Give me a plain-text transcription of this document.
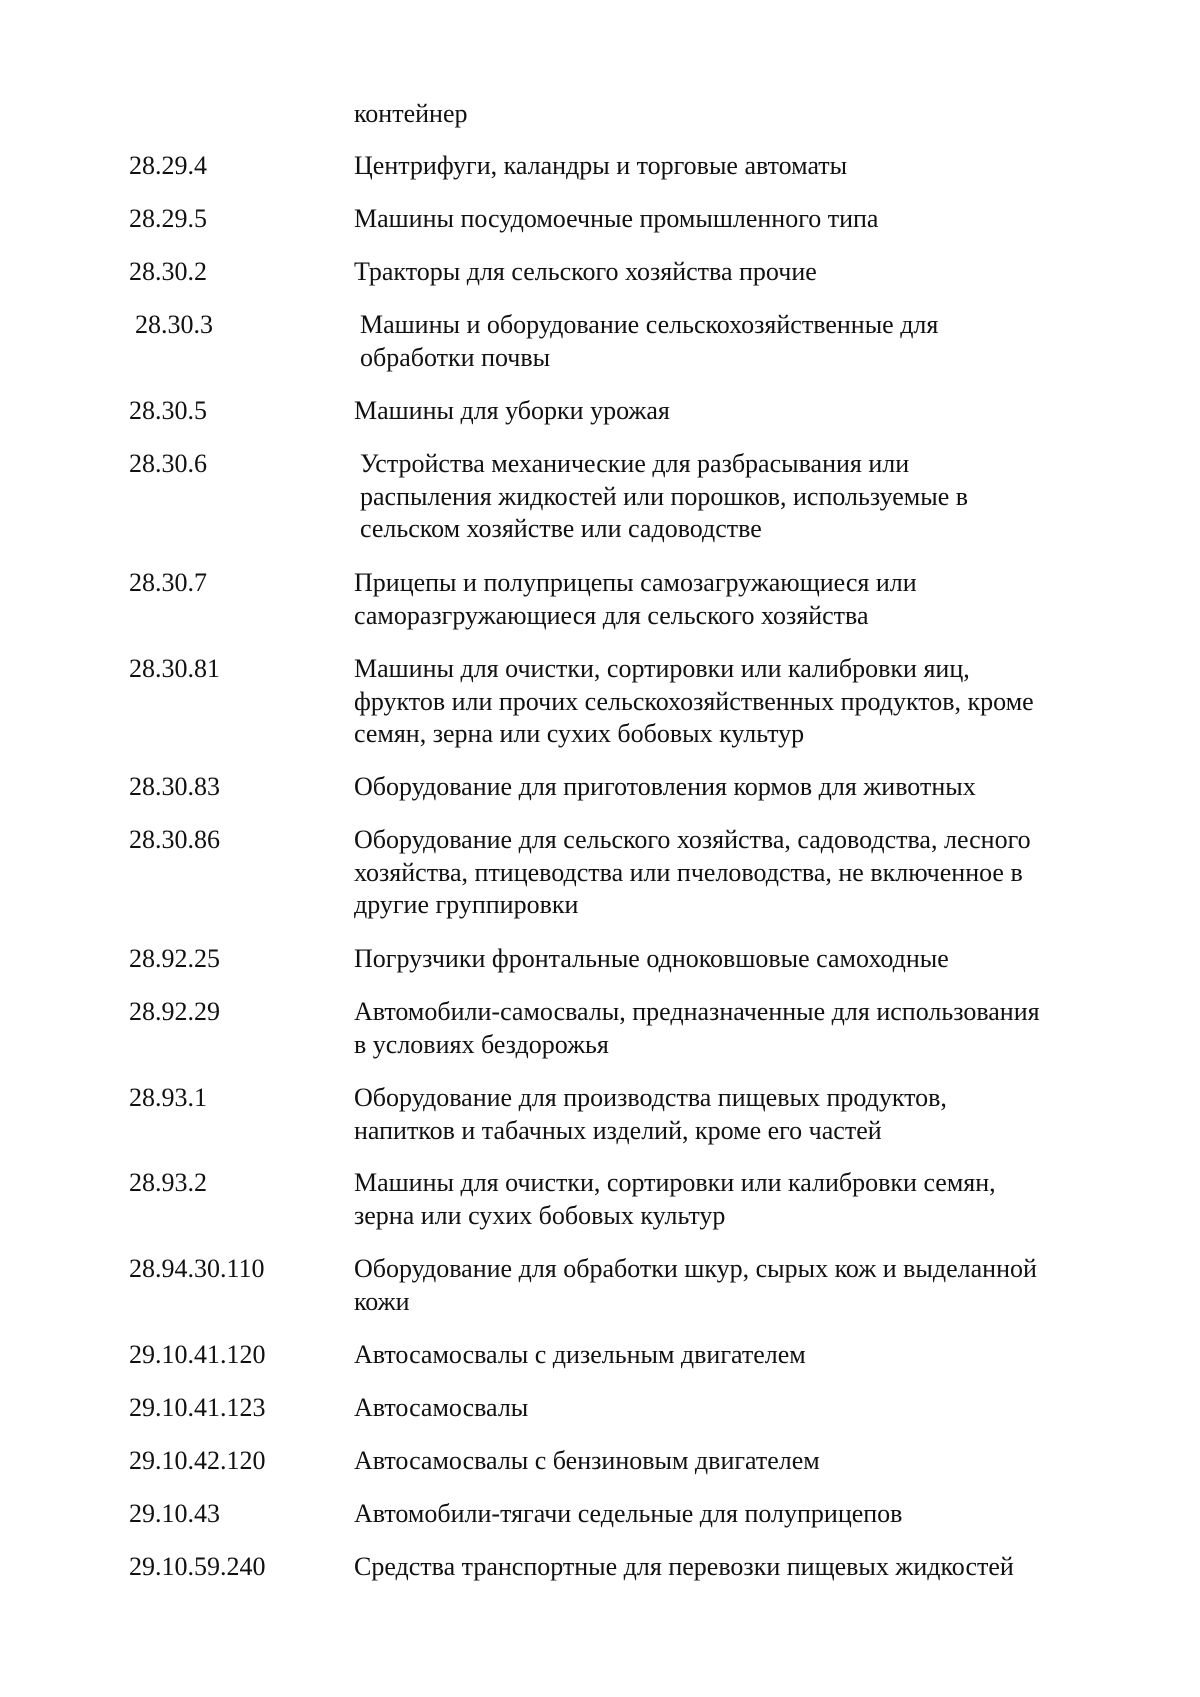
контейнер
28.29.4	Центрифуги, каландры и торговые автоматы
28.29.5	Машины посудомоечные промышленного типа
28.30.2	Тракторы для сельского хозяйства прочие
28.30.3	Машины и оборудование сельскохозяйственные для
обработки почвы
28.30.5	Машины для уборки урожая
28.30.6	Устройства механические для разбрасывания или
распыления жидкостей или порошков, используемые в
сельском хозяйстве или садоводстве
28.30.7	Прицепы и полуприцепы самозагружающиеся или
саморазгружающиеся для сельского хозяйства
28.30.81	Машины для очистки, сортировки или калибровки яиц,
фруктов или прочих сельскохозяйственных продуктов, кроме
семян, зерна или сухих бобовых культур
28.30.83	Оборудование для приготовления кормов для животных
28.30.86	Оборудование для сельского хозяйства, садоводства, лесного
хозяйства, птицеводства или пчеловодства, не включенное в
другие группировки
28.92.25	Погрузчики фронтальные одноковшовые самоходные
28.92.29	Автомобили-самосвалы, предназначенные для использования
в условиях бездорожья
28.93.1	Оборудование для производства пищевых продуктов,
напитков и табачных изделий, кроме его частей
28.93.2	Машины для очистки, сортировки или калибровки семян,
зерна или сухих бобовых культур
28.94.30.110	Оборудование для обработки шкур, сырых кож и выделанной
кожи
29.10.41.120	Автосамосвалы с дизельным двигателем
29.10.41.123	Автосамосвалы
29.10.42.120	Автосамосвалы с бензиновым двигателем
29.10.43	Автомобили-тягачи седельные для полуприцепов
29.10.59.240	Средства транспортные для перевозки пищевых жидкостей
